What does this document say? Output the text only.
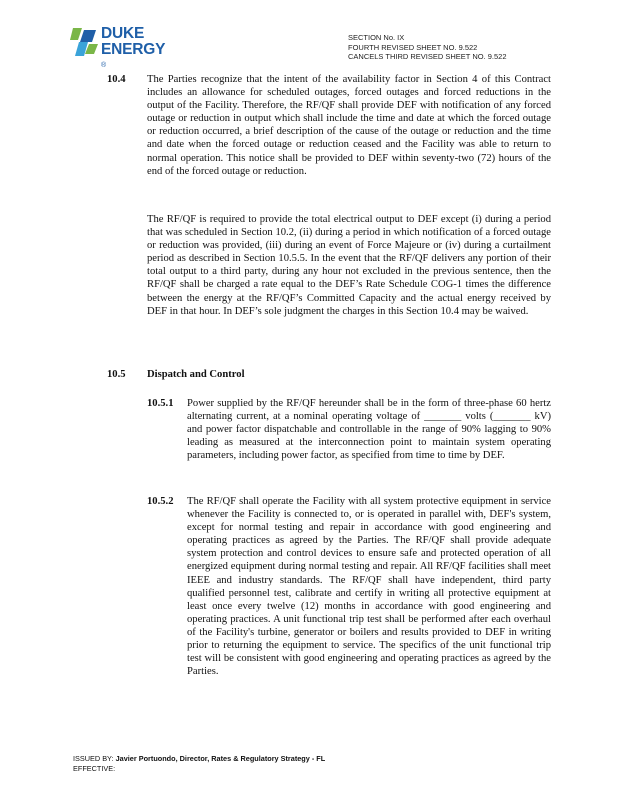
DUKE
ENERGY
®
SECTION No. IX
FOURTH REVISED SHEET NO. 9.522
CANCELS THIRD REVISED SHEET NO. 9.522
10.4 The Parties recognize that the intent of the availability factor in Section 4 of this Contract includes an allowance for scheduled outages, forced outages and forced reductions in the output of the Facility. Therefore, the RF/QF shall provide DEF with notification of any forced outage or reduction in output which shall include the time and date at which the forced outage or reduction occurred, a brief description of the cause of the outage or reduction and the time and date when the forced outage or reduction ceased and the Facility was able to return to normal operation. This notice shall be provided to DEF within seventy-two (72) hours of the end of the forced outage or reduction.
The RF/QF is required to provide the total electrical output to DEF except (i) during a period that was scheduled in Section 10.2, (ii) during a period in which notification of a forced outage or reduction was provided, (iii) during an event of Force Majeure or (iv) during a curtailment period as described in Section 10.5.5. In the event that the RF/QF delivers any portion of their total output to a third party, during any hour not excluded in the previous sentence, then the RF/QF shall be charged a rate equal to the DEF’s Rate Schedule COG-1 times the difference between the energy at the RF/QF’s Committed Capacity and the actual energy received by DEF in that hour. In DEF’s sole judgment the charges in this Section 10.4 may be waived.
10.5 Dispatch and Control
10.5.1 Power supplied by the RF/QF hereunder shall be in the form of three-phase 60 hertz alternating current, at a nominal operating voltage of _______ volts (_______ kV) and power factor dispatchable and controllable in the range of 90% lagging to 90% leading as measured at the interconnection point to maintain system operating parameters, including power factor, as specified from time to time by DEF.
10.5.2 The RF/QF shall operate the Facility with all system protective equipment in service whenever the Facility is connected to, or is operated in parallel with, DEF's system, except for normal testing and repair in accordance with good engineering and operating practices as agreed by the Parties. The RF/QF shall provide adequate system protection and control devices to ensure safe and protected operation of all energized equipment during normal testing and repair. All RF/QF facilities shall meet IEEE and industry standards. The RF/QF shall have independent, third party qualified personnel test, calibrate and certify in writing all protective equipment at least once every twelve (12) months in accordance with good engineering and operating practices. A unit functional trip test shall be performed after each overhaul of the Facility's turbine, generator or boilers and results provided to DEF in writing prior to returning the equipment to service. The specifics of the unit functional trip test will be consistent with good engineering and operating practices as agreed by the Parties.
ISSUED BY: Javier Portuondo, Director, Rates & Regulatory Strategy - FL
EFFECTIVE:
